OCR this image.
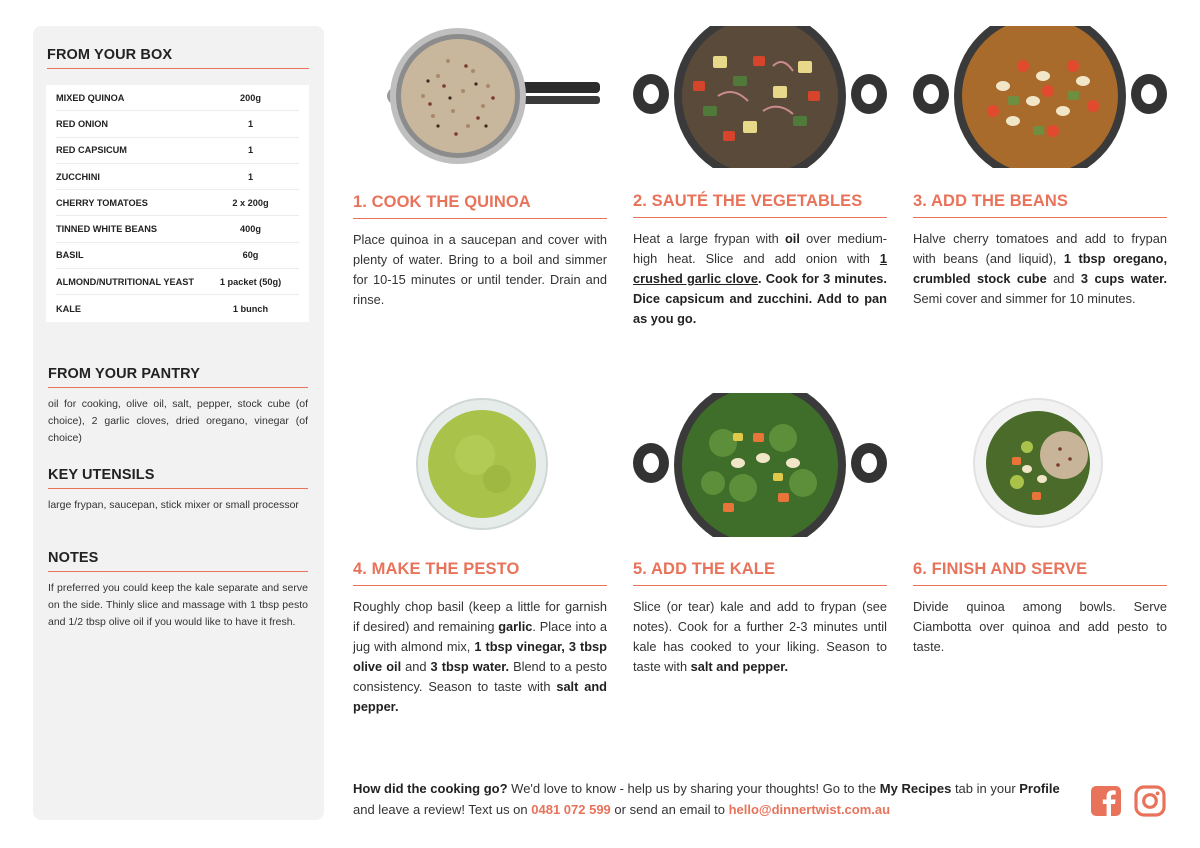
FROM YOUR BOX
MIXED QUINOA	200g
RED ONION	1
RED CAPSICUM	1
ZUCCHINI	1
CHERRY TOMATOES	2 x 200g
TINNED WHITE BEANS	400g
BASIL	60g
ALMOND/NUTRITIONAL YEAST	1 packet (50g)
KALE	1 bunch
FROM YOUR PANTRY
oil for cooking, olive oil, salt, pepper, stock cube (of choice), 2 garlic cloves, dried oregano, vinegar (of choice)
KEY UTENSILS
large frypan, saucepan, stick mixer or small processor
NOTES
If preferred you could keep the kale separate and serve on the side. Thinly slice and massage with 1 tbsp pesto and 1/2 tbsp olive oil if you would like to have it fresh.
1. COOK THE QUINOA
Place quinoa in a saucepan and cover with plenty of water. Bring to a boil and simmer for 10-15 minutes or until tender. Drain and rinse.
2. SAUTÉ THE VEGETABLES
Heat a large frypan with oil over medium-high heat. Slice and add onion with 1 crushed garlic clove. Cook for 3 minutes. Dice capsicum and zucchini. Add to pan as you go.
3. ADD THE BEANS
Halve cherry tomatoes and add to frypan with beans (and liquid), 1 tbsp oregano, crumbled stock cube and 3 cups water. Semi cover and simmer for 10 minutes.
4. MAKE THE PESTO
Roughly chop basil (keep a little for garnish if desired) and remaining garlic. Place into a jug with almond mix, 1 tbsp vinegar, 3 tbsp olive oil and 3 tbsp water. Blend to a pesto consistency. Season to taste with salt and pepper.
5. ADD THE KALE
Slice (or tear) kale and add to frypan (see notes). Cook for a further 2-3 minutes until kale has cooked to your liking. Season to taste with salt and pepper.
6. FINISH AND SERVE
Divide quinoa among bowls. Serve Ciambotta over quinoa and add pesto to taste.
How did the cooking go? We'd love to know - help us by sharing your thoughts! Go to the My Recipes tab in your Profile and leave a review! Text us on 0481 072 599 or send an email to hello@dinnertwist.com.au
